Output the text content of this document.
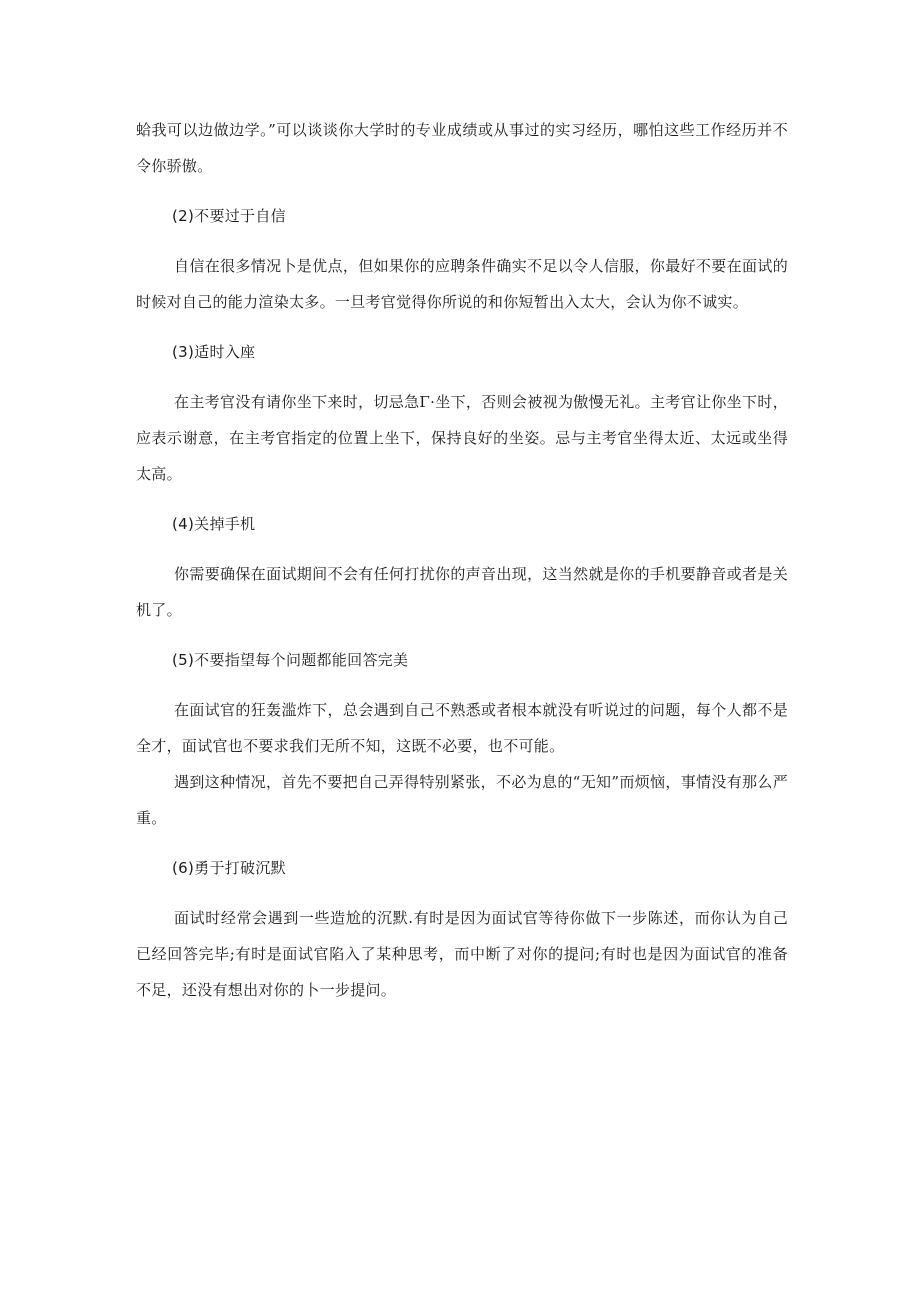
蛤我可以边做边学。”可以谈谈你大学时的专业成绩或从事过的实习经历，哪怕这些工作经历并不令你骄傲。

(2)不要过于自信

自信在很多情况卜是优点，但如果你的应聘条件确实不足以令人信服，你最好不要在面试的时候对自己的能力渲染太多。一旦考官觉得你所说的和你短暂出入太大，会认为你不诚实。

(3)适时入座

在主考官没有请你坐下来时，切忌急Γ·坐下，否则会被视为傲慢无礼。主考官让你坐下时，应表示谢意，在主考官指定的位置上坐下，保持良好的坐姿。忌与主考官坐得太近、太远或坐得太高。

(4)关掉手机

你需要确保在面试期间不会有任何打扰你的声音出现，这当然就是你的手机要静音或者是关机了。

(5)不要指望每个问题都能回答完美

在面试官的狂轰滥炸下，总会遇到自己不熟悉或者根本就没有听说过的问题，每个人都不是全才，面试官也不要求我们无所不知，这既不必要，也不可能。

遇到这种情况，首先不要把自己弄得特别紧张，不必为息的“无知”而烦恼，事情没有那么严重。

(6)勇于打破沉默

面试时经常会遇到一些造尬的沉默.有时是因为面试官等待你做下一步陈述，而你认为自己已经回答完毕;有时是面试官陷入了某种思考，而中断了对你的提问;有时也是因为面试官的准备不足，还没有想出对你的卜一步提问。
